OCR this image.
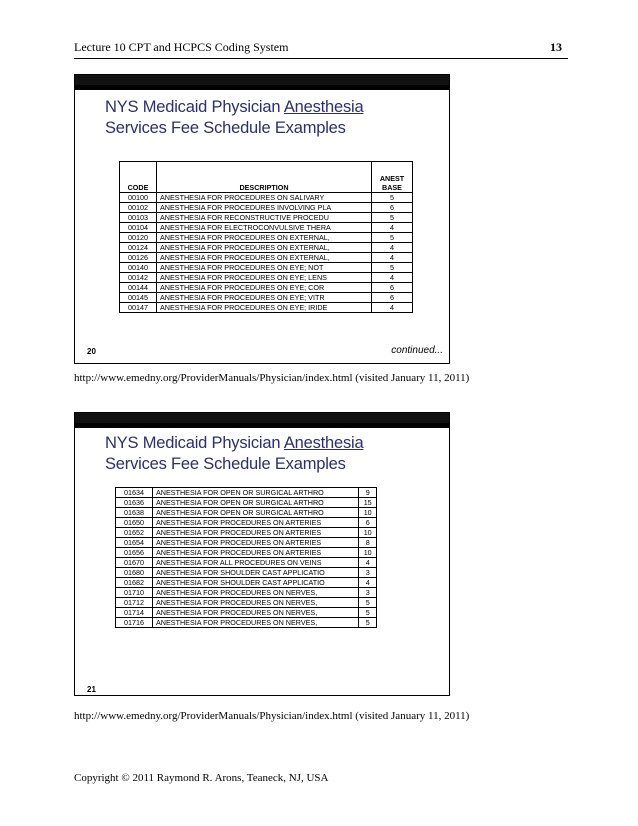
Lecture 10 CPT and HCPCS Coding System	13
NYS Medicaid Physician Anesthesia
Services Fee Schedule Examples
CODE	DESCRIPTION	ANEST
BASE

00100	ANESTHESIA FOR PROCEDURES ON SALIVARY	5
00102	ANESTHESIA FOR PROCEDURES INVOLVING PLA	6
00103	ANESTHESIA FOR RECONSTRUCTIVE PROCEDU	5
00104	ANESTHESIA FOR ELECTROCONVULSIVE THERA	4
00120	ANESTHESIA FOR PROCEDURES ON EXTERNAL,	5
00124	ANESTHESIA FOR PROCEDURES ON EXTERNAL,	4
00126	ANESTHESIA FOR PROCEDURES ON EXTERNAL,	4
00140	ANESTHESIA FOR PROCEDURES ON EYE; NOT	5
00142	ANESTHESIA FOR PROCEDURES ON EYE; LENS	4
00144	ANESTHESIA FOR PROCEDURES ON EYE; COR	6
00145	ANESTHESIA FOR PROCEDURES ON EYE; VITR	6
00147	ANESTHESIA FOR PROCEDURES ON EYE; IRIDE	4
20	continued...
http://www.emedny.org/ProviderManuals/Physician/index.html (visited January 11, 2011)
NYS Medicaid Physician Anesthesia
Services Fee Schedule Examples
01634	ANESTHESIA FOR OPEN OR SURGICAL ARTHRO	9
01636	ANESTHESIA FOR OPEN OR SURGICAL ARTHRO	15
01638	ANESTHESIA FOR OPEN OR SURGICAL ARTHRO	10
01650	ANESTHESIA FOR PROCEDURES ON ARTERIES	6
01652	ANESTHESIA FOR PROCEDURES ON ARTERIES	10
01654	ANESTHESIA FOR PROCEDURES ON ARTERIES	8
01656	ANESTHESIA FOR PROCEDURES ON ARTERIES	10
01670	ANESTHESIA FOR ALL PROCEDURES ON VEINS	4
01680	ANESTHESIA FOR SHOULDER CAST APPLICATIO	3
01682	ANESTHESIA FOR SHOULDER CAST APPLICATIO	4
01710	ANESTHESIA FOR PROCEDURES ON NERVES,	3
01712	ANESTHESIA FOR PROCEDURES ON NERVES,	5
01714	ANESTHESIA FOR PROCEDURES ON NERVES,	5
01716	ANESTHESIA FOR PROCEDURES ON NERVES,	5
21
http://www.emedny.org/ProviderManuals/Physician/index.html (visited January 11, 2011)
Copyright © 2011 Raymond R. Arons, Teaneck, NJ, USA
